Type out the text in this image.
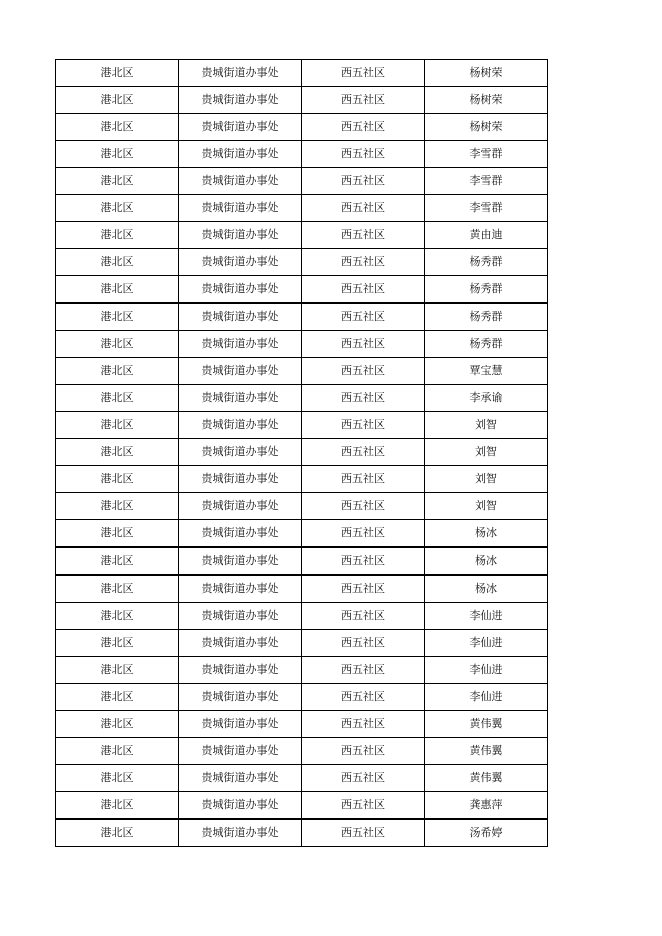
港北区	贵城街道办事处	西五社区	杨树荣
港北区	贵城街道办事处	西五社区	杨树荣
港北区	贵城街道办事处	西五社区	杨树荣
港北区	贵城街道办事处	西五社区	李雪群
港北区	贵城街道办事处	西五社区	李雪群
港北区	贵城街道办事处	西五社区	李雪群
港北区	贵城街道办事处	西五社区	黄由迪
港北区	贵城街道办事处	西五社区	杨秀群
港北区	贵城街道办事处	西五社区	杨秀群
港北区	贵城街道办事处	西五社区	杨秀群
港北区	贵城街道办事处	西五社区	杨秀群
港北区	贵城街道办事处	西五社区	覃宝慧
港北区	贵城街道办事处	西五社区	李承谕
港北区	贵城街道办事处	西五社区	刘智
港北区	贵城街道办事处	西五社区	刘智
港北区	贵城街道办事处	西五社区	刘智
港北区	贵城街道办事处	西五社区	刘智
港北区	贵城街道办事处	西五社区	杨冰
港北区	贵城街道办事处	西五社区	杨冰
港北区	贵城街道办事处	西五社区	杨冰
港北区	贵城街道办事处	西五社区	李仙进
港北区	贵城街道办事处	西五社区	李仙进
港北区	贵城街道办事处	西五社区	李仙进
港北区	贵城街道办事处	西五社区	李仙进
港北区	贵城街道办事处	西五社区	黄伟翼
港北区	贵城街道办事处	西五社区	黄伟翼
港北区	贵城街道办事处	西五社区	黄伟翼
港北区	贵城街道办事处	西五社区	龚惠萍
港北区	贵城街道办事处	西五社区	汤希婷
